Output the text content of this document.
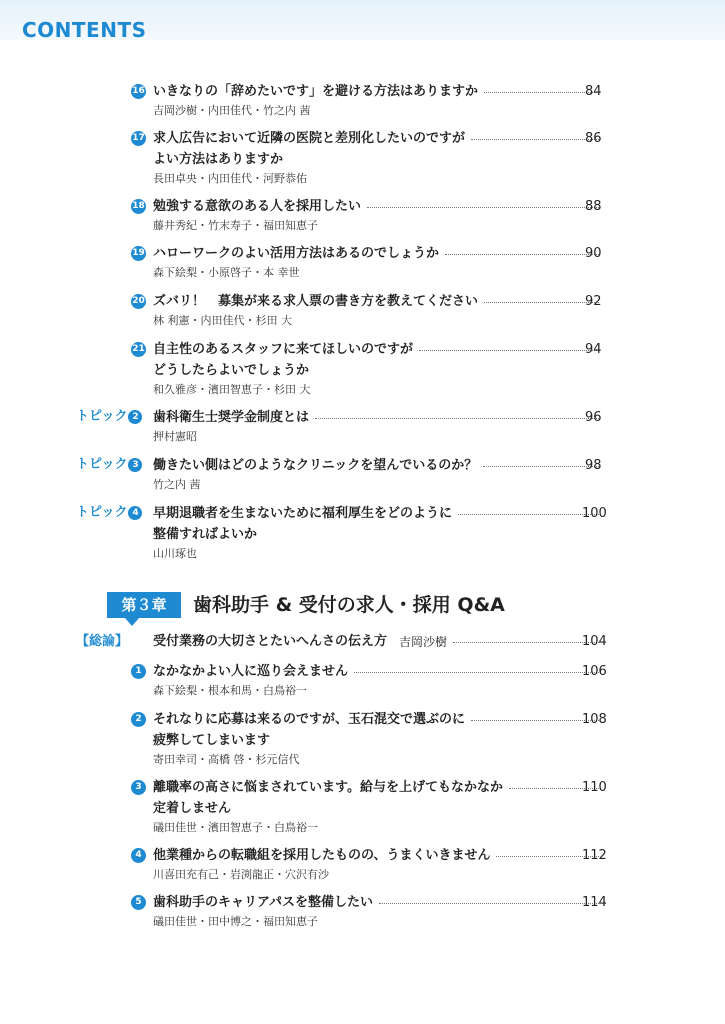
CONTENTS
16 いきなりの「辞めたいです」を避ける方法はありますか	84
吉岡沙樹・内田佳代・竹之内 茜
17 求人広告において近隣の医院と差別化したいのですが	86
よい方法はありますか
長田卓央・内田佳代・河野恭佑
18 勉強する意欲のある人を採用したい	88
藤井秀紀・竹末寿子・福田知恵子
19 ハローワークのよい活用方法はあるのでしょうか	90
森下絵梨・小原啓子・本 幸世
20 ズバリ！　募集が来る求人票の書き方を教えてください	92
林 利憲・内田佳代・杉田 大
21 自主性のあるスタッフに来てほしいのですが	94
どうしたらよいでしょうか
和久雅彦・濱田智恵子・杉田 大
トピック 2 歯科衛生士奨学金制度とは	96
押村憲昭
トピック 3 働きたい側はどのようなクリニックを望んでいるのか？	98
竹之内 茜
トピック 4 早期退職者を生まないために福利厚生をどのように	100
整備すればよいか
山川琢也
第３章	歯科助手 & 受付の求人・採用 Q&A
【総論】 受付業務の大切さとたいへんさの伝え方 吉岡沙樹	104
1 なかなかよい人に巡り会えません	106
森下絵梨・根本和馬・白鳥裕一
2 それなりに応募は来るのですが、玉石混交で選ぶのに	108
疲弊してしまいます
寄田幸司・高橋 啓・杉元信代
3 離職率の高さに悩まされています。給与を上げてもなかなか	110
定着しません
礒田佳世・濱田智恵子・白鳥裕一
4 他業種からの転職組を採用したものの、うまくいきません	112
川喜田充有己・岩渕龍正・穴沢有沙
5 歯科助手のキャリアパスを整備したい	114
礒田佳世・田中博之・福田知恵子
